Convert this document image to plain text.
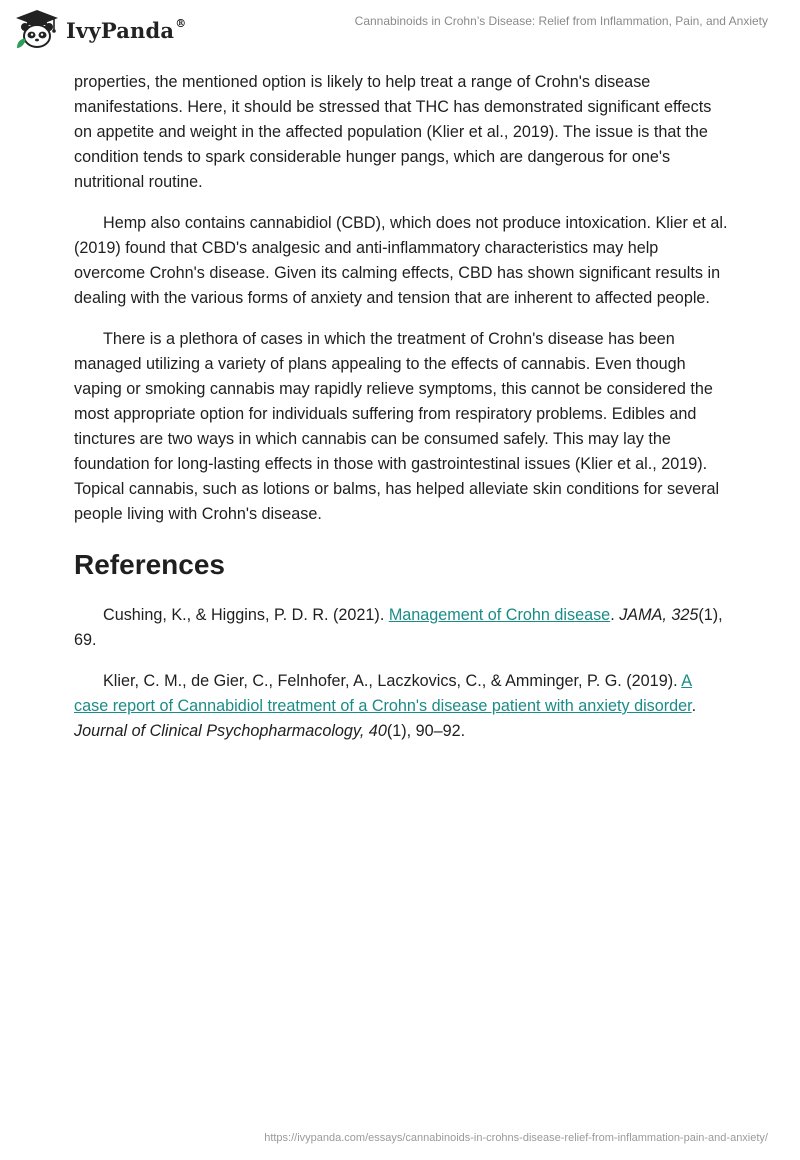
IvyPanda®	Cannabinoids in Crohn’s Disease: Relief from Inflammation, Pain, and Anxiety

properties, the mentioned option is likely to help treat a range of Crohn's disease manifestations. Here, it should be stressed that THC has demonstrated significant effects on appetite and weight in the affected population (Klier et al., 2019). The issue is that the condition tends to spark considerable hunger pangs, which are dangerous for one's nutritional routine.

Hemp also contains cannabidiol (CBD), which does not produce intoxication. Klier et al. (2019) found that CBD's analgesic and anti-inflammatory characteristics may help overcome Crohn's disease. Given its calming effects, CBD has shown significant results in dealing with the various forms of anxiety and tension that are inherent to affected people.

There is a plethora of cases in which the treatment of Crohn's disease has been managed utilizing a variety of plans appealing to the effects of cannabis. Even though vaping or smoking cannabis may rapidly relieve symptoms, this cannot be considered the most appropriate option for individuals suffering from respiratory problems. Edibles and tinctures are two ways in which cannabis can be consumed safely. This may lay the foundation for long-lasting effects in those with gastrointestinal issues (Klier et al., 2019). Topical cannabis, such as lotions or balms, has helped alleviate skin conditions for several people living with Crohn's disease.

References

Cushing, K., & Higgins, P. D. R. (2021). Management of Crohn disease. JAMA, 325(1), 69.

Klier, C. M., de Gier, C., Felnhofer, A., Laczkovics, C., & Amminger, P. G. (2019). A case report of Cannabidiol treatment of a Crohn's disease patient with anxiety disorder. Journal of Clinical Psychopharmacology, 40(1), 90–92.

https://ivypanda.com/essays/cannabinoids-in-crohns-disease-relief-from-inflammation-pain-and-anxiety/
